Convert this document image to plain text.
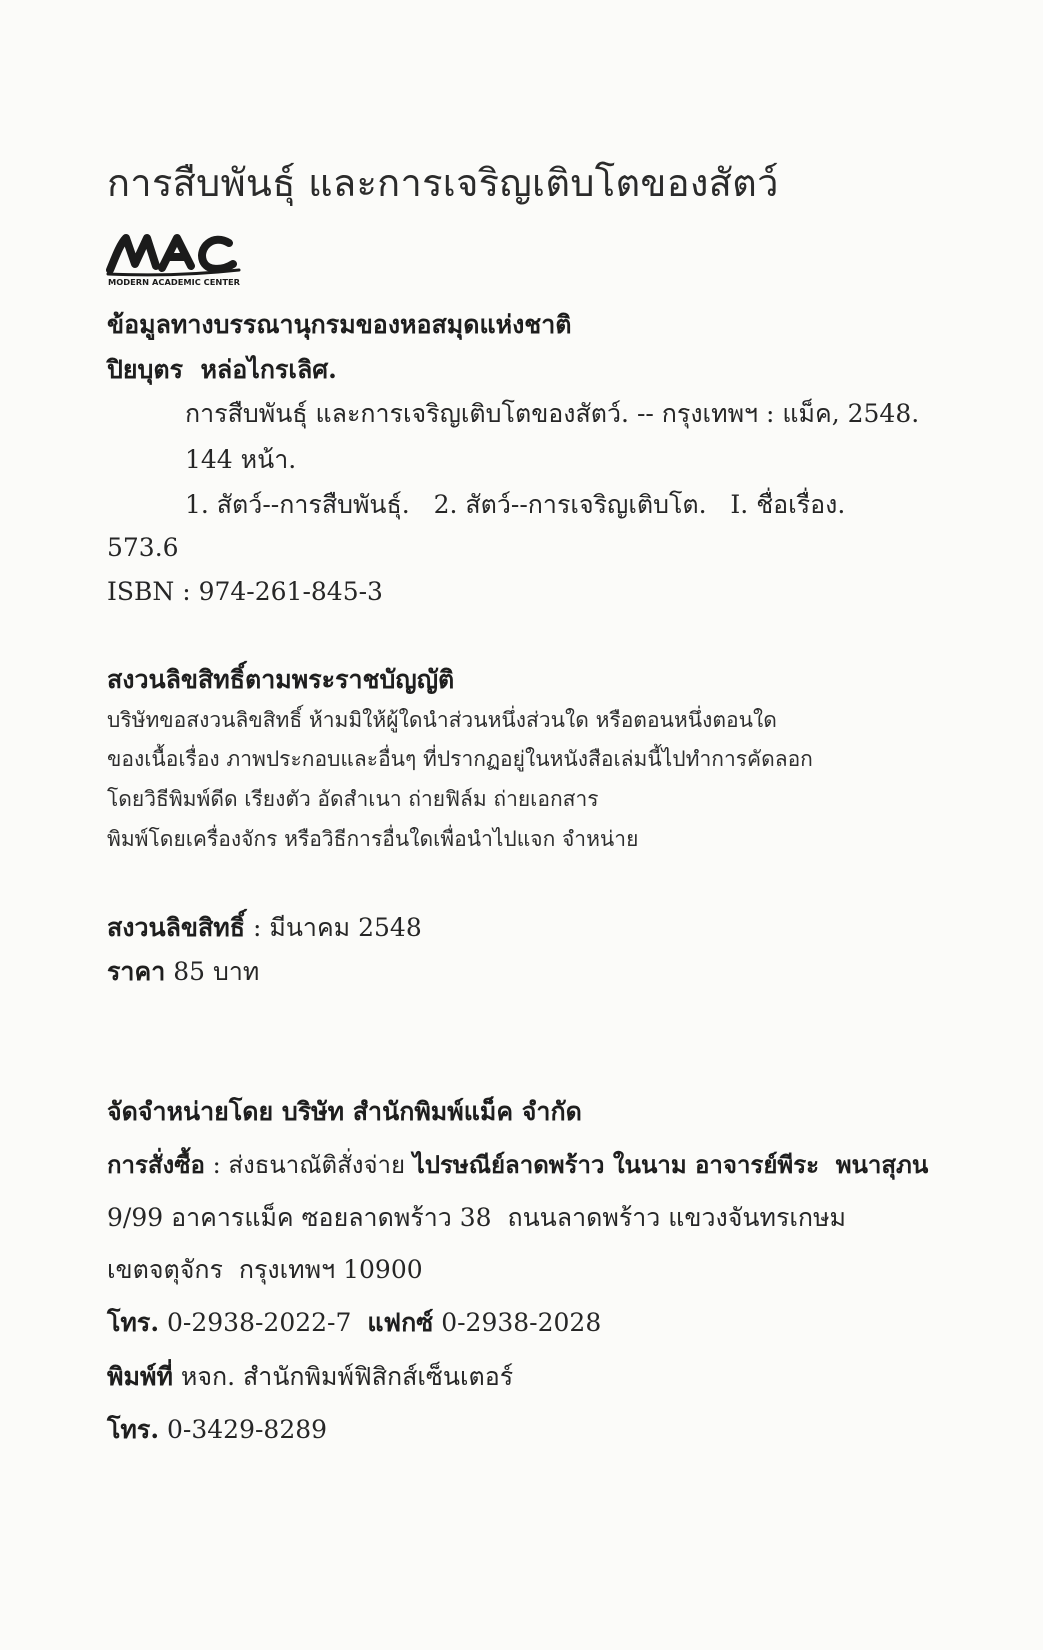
การสืบพันธุ์ และการเจริญเติบโตของสัตว์
MODERN ACADEMIC CENTER
ข้อมูลทางบรรณานุกรมของหอสมุดแห่งชาติ
ปิยบุตร  หล่อไกรเลิศ.
การสืบพันธุ์ และการเจริญเติบโตของสัตว์. -- กรุงเทพฯ : แม็ค, 2548.
144 หน้า.
1. สัตว์--การสืบพันธุ์.   2. สัตว์--การเจริญเติบโต.   I. ชื่อเรื่อง.
573.6
ISBN : 974-261-845-3
สงวนลิขสิทธิ์ตามพระราชบัญญัติ
บริษัทขอสงวนลิขสิทธิ์ ห้ามมิให้ผู้ใดนำส่วนหนึ่งส่วนใด หรือตอนหนึ่งตอนใด
ของเนื้อเรื่อง ภาพประกอบและอื่นๆ ที่ปรากฏอยู่ในหนังสือเล่มนี้ไปทำการคัดลอก
โดยวิธีพิมพ์ดีด เรียงตัว อัดสำเนา ถ่ายฟิล์ม ถ่ายเอกสาร
พิมพ์โดยเครื่องจักร หรือวิธีการอื่นใดเพื่อนำไปแจก จำหน่าย
สงวนลิขสิทธิ์ : มีนาคม 2548
ราคา 85 บาท
จัดจำหน่ายโดย บริษัท สำนักพิมพ์แม็ค จำกัด
การสั่งซื้อ : ส่งธนาณัติสั่งจ่าย ไปรษณีย์ลาดพร้าว ในนาม อาจารย์พีระ  พนาสุภน
9/99 อาคารแม็ค ซอยลาดพร้าว 38  ถนนลาดพร้าว แขวงจันทรเกษม
เขตจตุจักร  กรุงเทพฯ 10900
โทร. 0-2938-2022-7 แฟกซ์ 0-2938-2028
พิมพ์ที่ หจก. สำนักพิมพ์ฟิสิกส์เซ็นเตอร์
โทร. 0-3429-8289
